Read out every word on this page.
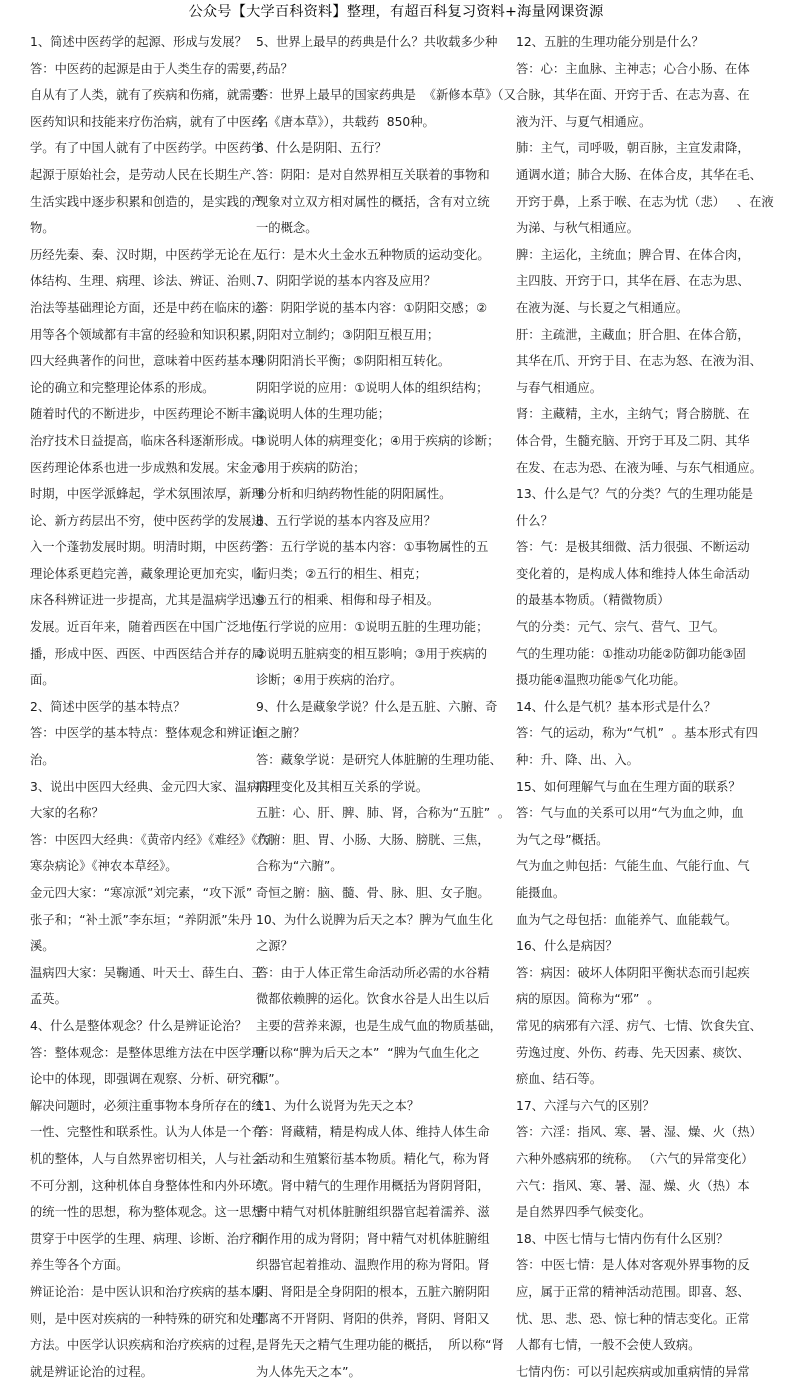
公众号【大学百科资料】整理，有超百科复习资料+海量网课资源
1、简述中医药学的起源、形成与发展？
答：中医药的起源是由于人类生存的需要，
自从有了人类，就有了疾病和伤痛，就需要
医药知识和技能来疗伤治病，就有了中医药
学。有了中国人就有了中医药学。中医药学
起源于原始社会，是劳动人民在长期生产、
生活实践中逐步积累和创造的，是实践的产
物。
历经先秦、秦、汉时期，中医药学无论在人
体结构、生理、病理、诊法、辨证、治则、
治法等基础理论方面，还是中药在临床的运
用等各个领域都有丰富的经验和知识积累，
四大经典著作的问世，意味着中医药基本理
论的确立和完整理论体系的形成。
随着时代的不断进步，中医药理论不断丰富，
治疗技术日益提高，临床各科逐渐形成。中
医药理论体系也进一步成熟和发展。宋金元
时期，中医学派蜂起，学术氛围浓厚，新理
论、新方药层出不穷，使中医药学的发展进
入一个蓬勃发展时期。明清时期，中医药学
理论体系更趋完善，藏象理论更加充实，临
床各科辨证进一步提高，尤其是温病学迅速
发展。近百年来，随着西医在中国广泛地传
播，形成中医、西医、中西医结合并存的局
面。
2、简述中医学的基本特点？
答：中医学的基本特点：整体观念和辨证论
治。
3、说出中医四大经典、金元四大家、温病四
大家的名称？
答：中医四大经典：《黄帝内经》《难经》《伤
寒杂病论》《神农本草经》。
金元四大家：“寒凉派”刘完素，“攻下派”
张子和；“补土派”李东垣；“养阴派”朱丹
溪。
温病四大家：吴鞠通、叶天士、薛生白、王
孟英。
4、什么是整体观念？什么是辨证论治？
答：整体观念：是整体思维方法在中医学理
论中的体现，即强调在观察、分析、研究和
解决问题时，必须注重事物本身所存在的统
一性、完整性和联系性。认为人体是一个有
机的整体，人与自然界密切相关，人与社会
不可分割，这种机体自身整体性和内外环境
的统一性的思想，称为整体观念。这一思想
贯穿于中医学的生理、病理、诊断、治疗和
养生等各个方面。
辨证论治：是中医认识和治疗疾病的基本原
则，是中医对疾病的一种特殊的研究和处理
方法。中医学认识疾病和治疗疾病的过程，
就是辨证论治的过程。
5、世界上最早的药典是什么？共收载多少种
药品？
答：世界上最早的国家药典是  《新修本草》（又
名《唐本草》），共载药  850种。
6、什么是阴阳、五行？
答：阴阳：是对自然界相互关联着的事物和
现象对立双方相对属性的概括，含有对立统
一的概念。
五行：是木火土金水五种物质的运动变化。
7、阴阳学说的基本内容及应用？
答：阴阳学说的基本内容：①阴阳交感；②
阴阳对立制约；③阴阳互根互用；
④阴阳消长平衡；⑤阴阳相互转化。
阴阳学说的应用：①说明人体的组织结构；
②说明人体的生理功能；
③说明人体的病理变化；④用于疾病的诊断；
⑤用于疾病的防治；
⑥分析和归纳药物性能的阴阳属性。
8、五行学说的基本内容及应用？
答：五行学说的基本内容：①事物属性的五
行归类；②五行的相生、相克；
③五行的相乘、相侮和母子相及。
五行学说的应用：①说明五脏的生理功能；
②说明五脏病变的相互影响；③用于疾病的
诊断；④用于疾病的治疗。
9、什么是藏象学说？什么是五脏、六腑、奇
恒之腑？
答：藏象学说：是研究人体脏腑的生理功能、
病理变化及其相互关系的学说。
五脏：心、肝、脾、肺、肾，合称为“五脏”  。
六腑：胆、胃、小肠、大肠、膀胱、三焦，
合称为“六腑”。
奇恒之腑：脑、髓、骨、脉、胆、女子胞。
10、为什么说脾为后天之本？脾为气血生化
之源？
答：由于人体正常生命活动所必需的水谷精
微都依赖脾的运化。饮食水谷是人出生以后
主要的营养来源，也是生成气血的物质基础，
所以称“脾为后天之本”  “脾为气血生化之
源”。
11、为什么说肾为先天之本？
答：肾藏精，精是构成人体、维持人体生命
活动和生殖繁衍基本物质。精化气，称为肾
气。肾中精气的生理作用概括为肾阴肾阳，
肾中精气对机体脏腑组织器官起着濡养、滋
润作用的成为肾阴；肾中精气对机体脏腑组
织器官起着推动、温煦作用的称为肾阳。肾
阴、肾阳是全身阴阳的根本，五脏六腑阴阳
都离不开肾阴、肾阳的供养，肾阴、肾阳又
是肾先天之精气生理功能的概括，  所以称“肾
为人体先天之本”。
12、五脏的生理功能分别是什么？
答：心：主血脉、主神志；心合小肠、在体
合脉，其华在面、开窍于舌、在志为喜、在
液为汗、与夏气相通应。
肺：主气，司呼吸，朝百脉，主宣发肃降，
通调水道；肺合大肠、在体合皮，其华在毛、
开窍于鼻，上系于喉、在志为忧（悲）   、在液
为涕、与秋气相通应。
脾：主运化，主统血；脾合胃、在体合肉，
主四肢、开窍于口，其华在唇、在志为思、
在液为涎、与长夏之气相通应。
肝：主疏泄，主藏血；肝合胆、在体合筋，
其华在爪、开窍于目、在志为怒、在液为泪、
与春气相通应。
肾：主藏精，主水，主纳气；肾合膀胱、在
体合骨，生髓充脑、开窍于耳及二阴、其华
在发、在志为恐、在液为唾、与东气相通应。
13、什么是气？气的分类？气的生理功能是
什么？
答：气：是极其细微、活力很强、不断运动
变化着的，是构成人体和维持人体生命活动
的最基本物质。（精微物质）
气的分类：元气、宗气、营气、卫气。
气的生理功能：①推动功能②防御功能③固
摄功能④温煦功能⑤气化功能。
14、什么是气机？基本形式是什么？
答：气的运动，称为“气机”  。基本形式有四
种：升、降、出、入。
15、如何理解气与血在生理方面的联系？
答：气与血的关系可以用“气为血之帅，血
为气之母”概括。
气为血之帅包括：气能生血、气能行血、气
能摄血。
血为气之母包括：血能养气、血能载气。
16、什么是病因？
答：病因：破坏人体阴阳平衡状态而引起疾
病的原因。简称为“邪”  。
常见的病邪有六淫、疠气、七情、饮食失宜、
劳逸过度、外伤、药毒、先天因素、痰饮、
瘀血、结石等。
17、六淫与六气的区别？
答：六淫：指风、寒、暑、湿、燥、火（热）
六种外感病邪的统称。 （六气的异常变化）
六气：指风、寒、暑、湿、燥、火（热）本
是自然界四季气候变化。
18、中医七情与七情内伤有什么区别？
答：中医七情：是人体对客观外界事物的反
应，属于正常的精神活动范围。即喜、怒、
忧、思、悲、恐、惊七种的情志变化。正常
人都有七情，一般不会使人致病。
七情内伤：可以引起疾病或加重病情的异常
